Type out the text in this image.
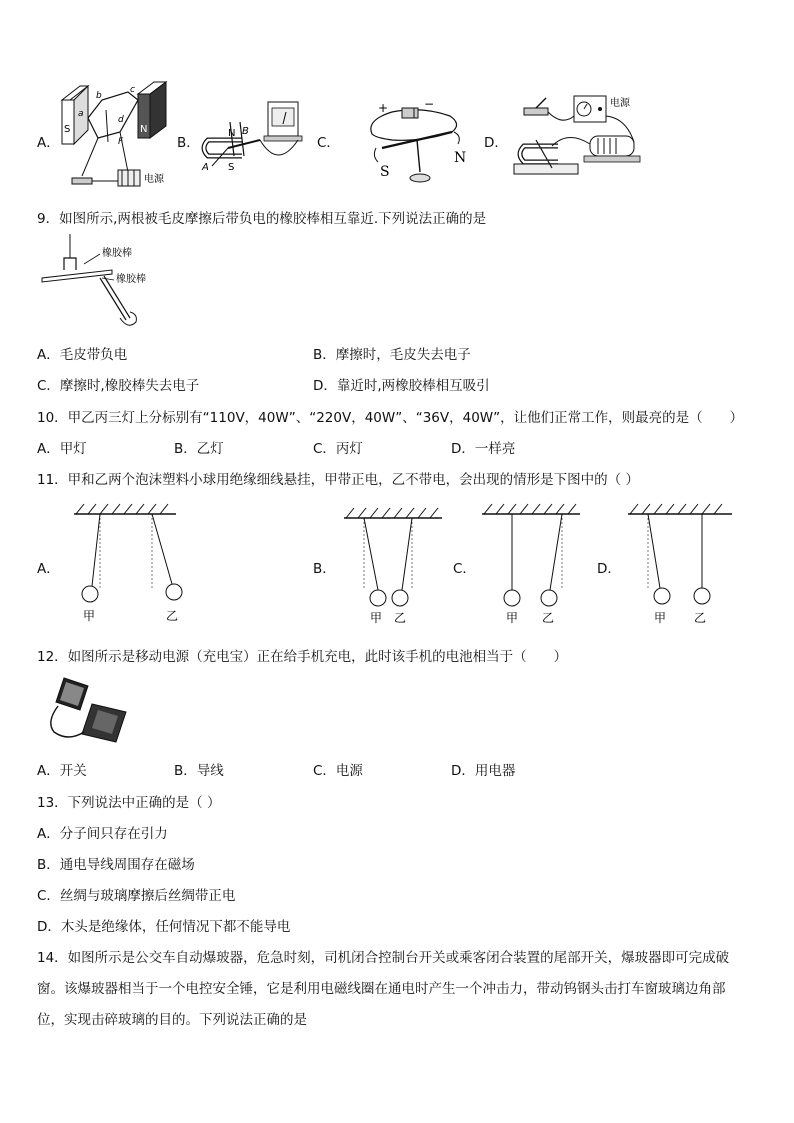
A．
S	N
a
b
c
d
F
电源
B．
N B
S
A
C．
+	−
S
N
D．
电源
9．如图所示,两根被毛皮摩擦后带负电的橡胶棒相互靠近.下列说法正确的是
橡胶棒
橡胶棒
A．毛皮带负电	B．摩擦时，毛皮失去电子
C．摩擦时,橡胶棒失去电子	D．靠近时,两橡胶棒相互吸引
10．甲乙丙三灯上分标别有“110V，40W”、“220V，40W”、“36V，40W”，让他们正常工作，则最亮的是（　　）
A．甲灯	B．乙灯	C．丙灯	D．一样亮
11．甲和乙两个泡沫塑料小球用绝缘细线悬挂，甲带正电，乙不带电，会出现的情形是下图中的（ ）
A．
甲	乙
B．
甲 乙
C．
甲 乙
D．
甲 乙
12．如图所示是移动电源（充电宝）正在给手机充电，此时该手机的电池相当于（　　）
A．开关	B．导线	C．电源	D．用电器
13．下列说法中正确的是（ ）
A．分子间只存在引力
B．通电导线周围存在磁场
C．丝绸与玻璃摩擦后丝绸带正电
D．木头是绝缘体，任何情况下都不能导电
14．如图所示是公交车自动爆玻器，危急时刻，司机闭合控制台开关或乘客闭合装置的尾部开关，爆玻器即可完成破
窗。该爆玻器相当于一个电控安全锤，它是利用电磁线圈在通电时产生一个冲击力，带动钨钢头击打车窗玻璃边角部
位，实现击碎玻璃的目的。下列说法正确的是
